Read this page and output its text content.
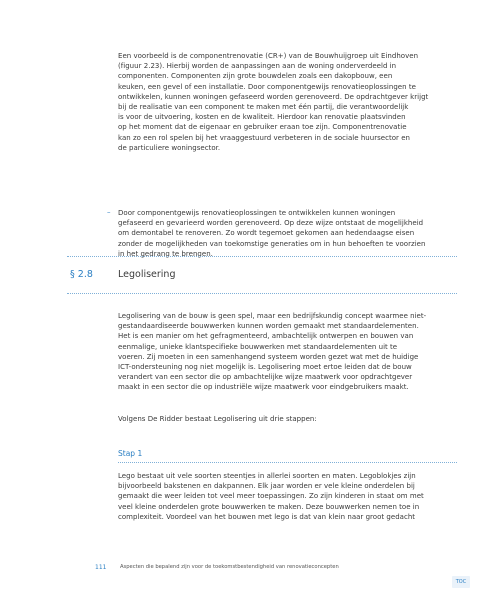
Een voorbeeld is de componentrenovatie (CR+) van de Bouwhuijgroep uit Eindhoven
(figuur 2.23). Hierbij worden de aanpassingen aan de woning onderverdeeld in
componenten. Componenten zijn grote bouwdelen zoals een dakopbouw, een
keuken, een gevel of een installatie. Door componentgewijs renovatieoplossingen te
ontwikkelen, kunnen woningen gefaseerd worden gerenoveerd. De opdrachtgever krijgt
bij de realisatie van een component te maken met één partij, die verantwoordelijk
is voor de uitvoering, kosten en de kwaliteit. Hierdoor kan renovatie plaatsvinden
op het moment dat de eigenaar en gebruiker eraan toe zijn. Componentrenovatie
kan zo een rol spelen bij het vraaggestuurd verbeteren in de sociale huursector en
de particuliere woningsector.

– Door componentgewijs renovatieoplossingen te ontwikkelen kunnen woningen
gefaseerd en gevarieerd worden gerenoveerd. Op deze wijze ontstaat de mogelijkheid
om demontabel te renoveren. Zo wordt tegemoet gekomen aan hedendaagse eisen
zonder de mogelijkheden van toekomstige generaties om in hun behoeften te voorzien
in het gedrang te brengen.

§ 2.8	Legolisering

Legolisering van de bouw is geen spel, maar een bedrijfskundig concept waarmee niet-
gestandaardiseerde bouwwerken kunnen worden gemaakt met standaardelementen.
Het is een manier om het gefragmenteerd, ambachtelijk ontwerpen en bouwen van
eenmalige, unieke klantspecifieke bouwwerken met standaardelementen uit te
voeren. Zij moeten in een samenhangend systeem worden gezet wat met de huidige
ICT-ondersteuning nog niet mogelijk is. Legolisering moet ertoe leiden dat de bouw
verandert van een sector die op ambachtelijke wijze maatwerk voor opdrachtgever
maakt in een sector die op industriële wijze maatwerk voor eindgebruikers maakt.

Volgens De Ridder bestaat Legolisering uit drie stappen:

Stap 1

Lego bestaat uit vele soorten steentjes in allerlei soorten en maten. Legoblokjes zijn
bijvoorbeeld bakstenen en dakpannen. Elk jaar worden er vele kleine onderdelen bij
gemaakt die weer leiden tot veel meer toepassingen. Zo zijn kinderen in staat om met
veel kleine onderdelen grote bouwwerken te maken. Deze bouwwerken nemen toe in
complexiteit. Voordeel van het bouwen met lego is dat van klein naar groot gedacht

111	Aspecten die bepalend zijn voor de toekomstbestendigheid van renovatieconcepten
TOC
